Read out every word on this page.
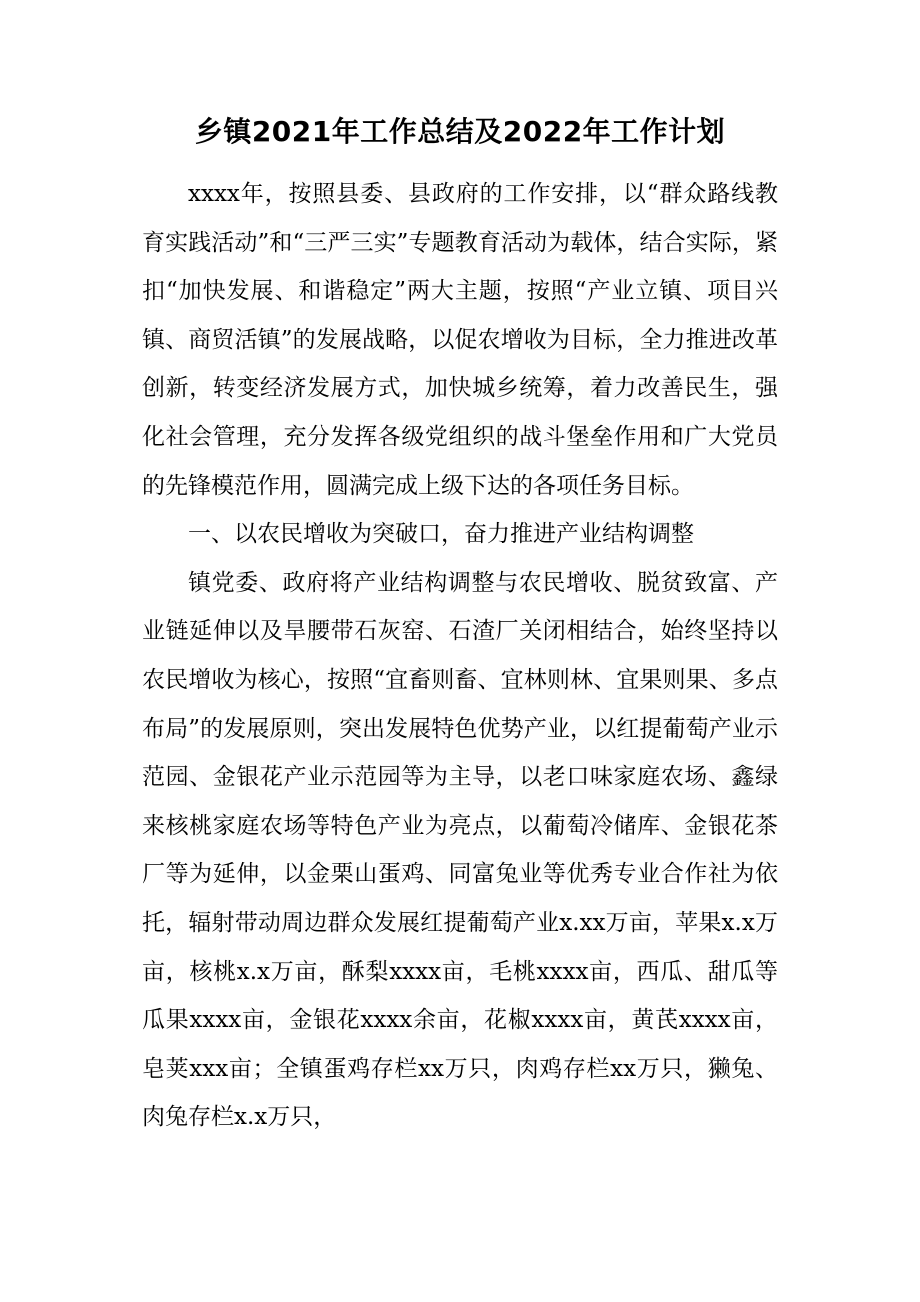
乡镇2021年工作总结及2022年工作计划

xxxx年，按照县委、县政府的工作安排，以“群众路线教育实践活动”和“三严三实”专题教育活动为载体，结合实际，紧扣“加快发展、和谐稳定”两大主题，按照“产业立镇、项目兴镇、商贸活镇”的发展战略，以促农增收为目标，全力推进改革创新，转变经济发展方式，加快城乡统筹，着力改善民生，强化社会管理，充分发挥各级党组织的战斗堡垒作用和广大党员的先锋模范作用，圆满完成上级下达的各项任务目标。

一、以农民增收为突破口，奋力推进产业结构调整

镇党委、政府将产业结构调整与农民增收、脱贫致富、产业链延伸以及旱腰带石灰窑、石渣厂关闭相结合，始终坚持以农民增收为核心，按照“宜畜则畜、宜林则林、宜果则果、多点布局”的发展原则，突出发展特色优势产业，以红提葡萄产业示范园、金银花产业示范园等为主导，以老口味家庭农场、鑫绿来核桃家庭农场等特色产业为亮点，以葡萄冷储库、金银花茶厂等为延伸，以金栗山蛋鸡、同富兔业等优秀专业合作社为依托，辐射带动周边群众发展红提葡萄产业x.xx万亩，苹果x.x万亩，核桃x.x万亩，酥梨xxxx亩，毛桃xxxx亩，西瓜、甜瓜等瓜果xxxx亩，金银花xxxx余亩，花椒xxxx亩，黄芪xxxx亩，皂荚xxx亩；全镇蛋鸡存栏xx万只，肉鸡存栏xx万只，獭兔、肉兔存栏x.x万只，
